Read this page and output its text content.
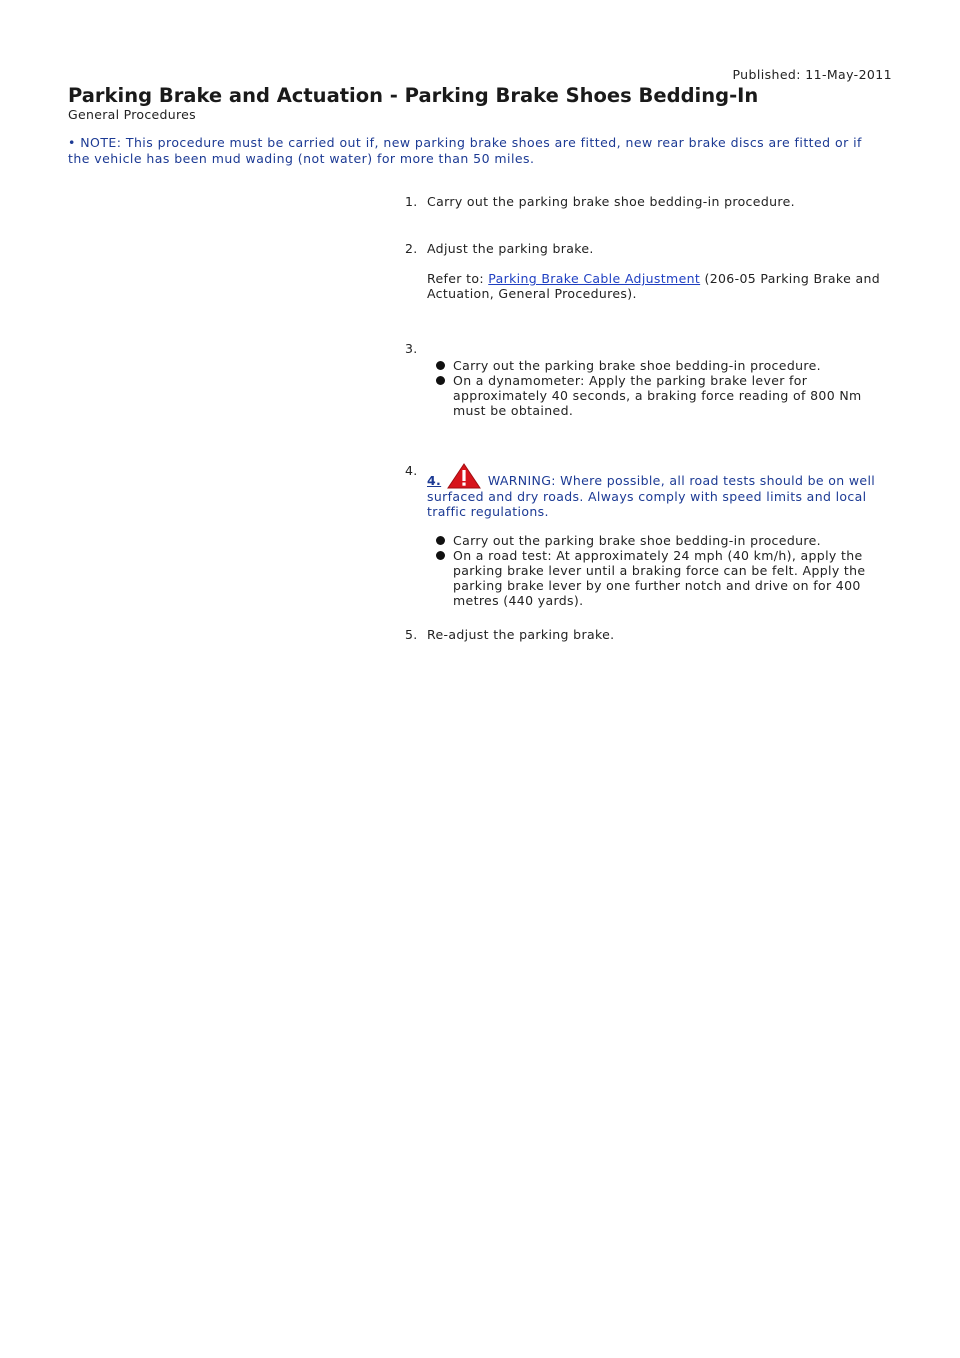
Published: 11-May-2011
Parking Brake and Actuation - Parking Brake Shoes Bedding-In
General Procedures
• NOTE: This procedure must be carried out if, new parking brake shoes are fitted, new rear brake discs are fitted or if the vehicle has been mud wading (not water) for more than 50 miles.
1. Carry out the parking brake shoe bedding-in procedure.
2. Adjust the parking brake.
Refer to: Parking Brake Cable Adjustment (206-05 Parking Brake and Actuation, General Procedures).
3.
Carry out the parking brake shoe bedding-in procedure.
On a dynamometer: Apply the parking brake lever for approximately 40 seconds, a braking force reading of 800 Nm must be obtained.
4.
4.	WARNING: Where possible, all road tests should be on well surfaced and dry roads. Always comply with speed limits and local traffic regulations.
Carry out the parking brake shoe bedding-in procedure.
On a road test: At approximately 24 mph (40 km/h), apply the parking brake lever until a braking force can be felt. Apply the parking brake lever by one further notch and drive on for 400 metres (440 yards).
5. Re-adjust the parking brake.
